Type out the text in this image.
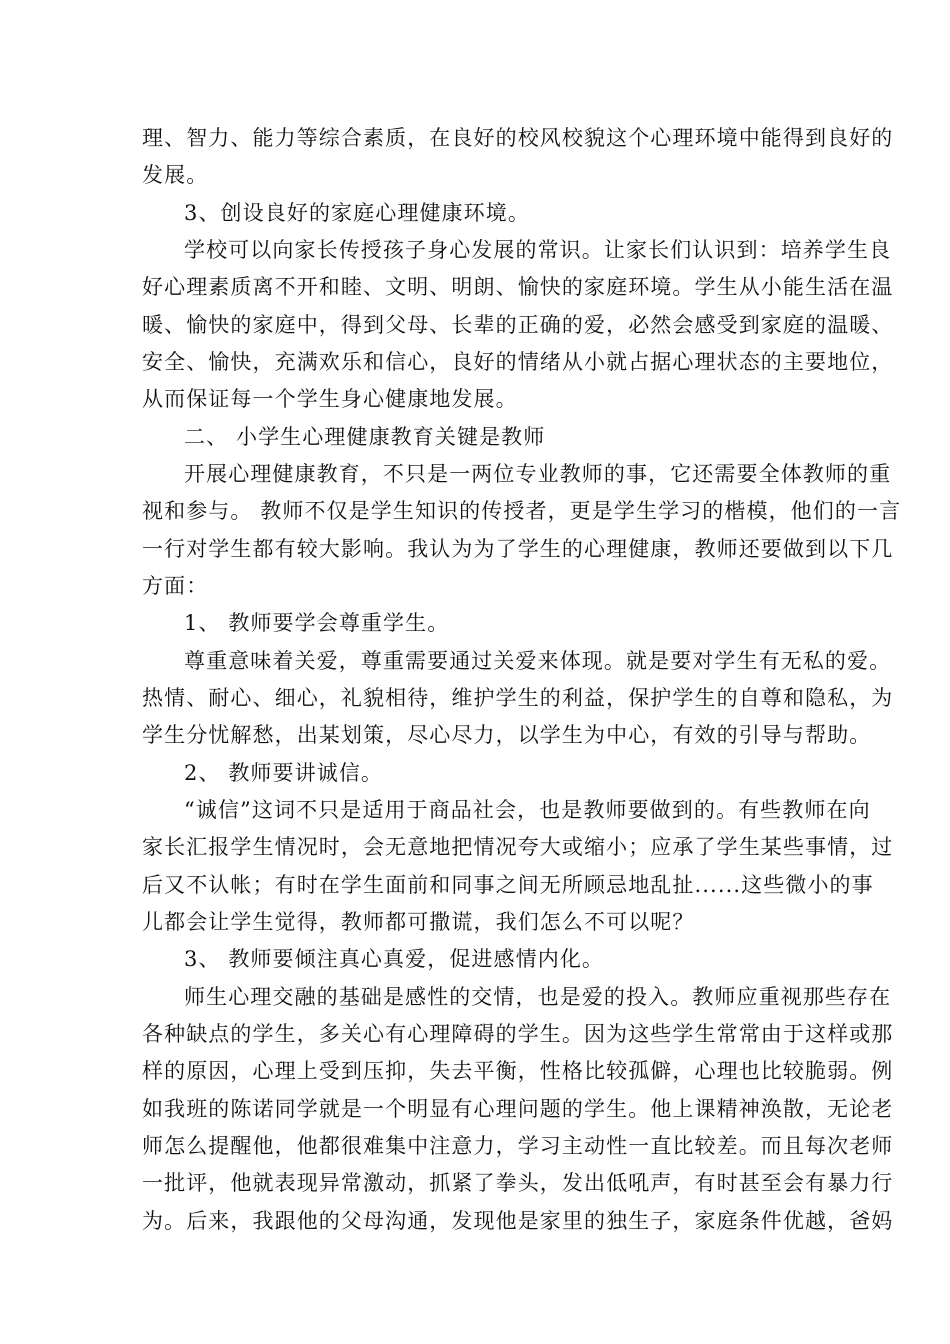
理、智力、能力等综合素质，在良好的校风校貌这个心理环境中能得到良好的
发展。
3、创设良好的家庭心理健康环境。
学校可以向家长传授孩子身心发展的常识。让家长们认识到：培养学生良
好心理素质离不开和睦、文明、明朗、愉快的家庭环境。学生从小能生活在温
暖、愉快的家庭中，得到父母、长辈的正确的爱，必然会感受到家庭的温暖、
安全、愉快，充满欢乐和信心，良好的情绪从小就占据心理状态的主要地位，
从而保证每一个学生身心健康地发展。
二、 小学生心理健康教育关键是教师
开展心理健康教育，不只是一两位专业教师的事，它还需要全体教师的重
视和参与。 教师不仅是学生知识的传授者，更是学生学习的楷模，他们的一言
一行对学生都有较大影响。我认为为了学生的心理健康，教师还要做到以下几
方面：
1、 教师要学会尊重学生。
尊重意味着关爱，尊重需要通过关爱来体现。就是要对学生有无私的爱。
热情、耐心、细心，礼貌相待，维护学生的利益，保护学生的自尊和隐私，为
学生分忧解愁，出某划策，尽心尽力，以学生为中心，有效的引导与帮助。
2、 教师要讲诚信。
“诚信”这词不只是适用于商品社会，也是教师要做到的。有些教师在向
家长汇报学生情况时，会无意地把情况夸大或缩小；应承了学生某些事情，过
后又不认帐；有时在学生面前和同事之间无所顾忌地乱扯......这些微小的事
儿都会让学生觉得，教师都可撒谎，我们怎么不可以呢？
3、 教师要倾注真心真爱，促进感情内化。
师生心理交融的基础是感性的交情，也是爱的投入。教师应重视那些存在
各种缺点的学生，多关心有心理障碍的学生。因为这些学生常常由于这样或那
样的原因，心理上受到压抑，失去平衡，性格比较孤僻，心理也比较脆弱。例
如我班的陈诺同学就是一个明显有心理问题的学生。他上课精神涣散，无论老
师怎么提醒他，他都很难集中注意力，学习主动性一直比较差。而且每次老师
一批评，他就表现异常激动，抓紧了拳头，发出低吼声，有时甚至会有暴力行
为。后来，我跟他的父母沟通，发现他是家里的独生子，家庭条件优越，爸妈
